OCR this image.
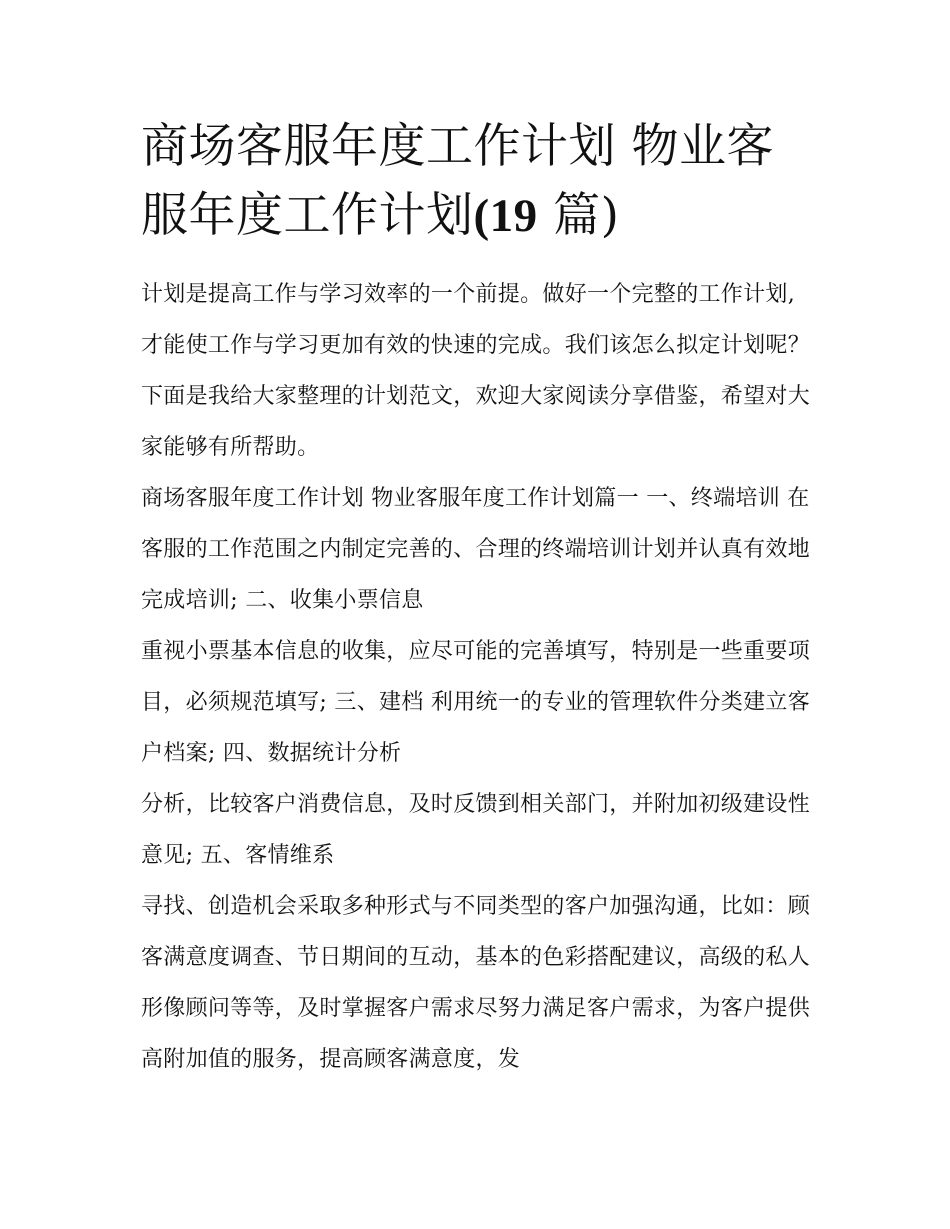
商场客服年度工作计划 物业客服年度工作计划(19 篇)

计划是提高工作与学习效率的一个前提。做好一个完整的工作计划,才能使工作与学习更加有效的快速的完成。我们该怎么拟定计划呢？下面是我给大家整理的计划范文，欢迎大家阅读分享借鉴，希望对大家能够有所帮助。

商场客服年度工作计划 物业客服年度工作计划篇一 一、终端培训 在客服的工作范围之内制定完善的、合理的终端培训计划并认真有效地完成培训; 二、收集小票信息

重视小票基本信息的收集，应尽可能的完善填写，特别是一些重要项目，必须规范填写; 三、建档 利用统一的专业的管理软件分类建立客户档案; 四、数据统计分析

分析，比较客户消费信息，及时反馈到相关部门，并附加初级建设性意见; 五、客情维系

寻找、创造机会采取多种形式与不同类型的客户加强沟通，比如：顾客满意度调查、节日期间的互动，基本的色彩搭配建议，高级的私人形像顾问等等，及时掌握客户需求尽努力满足客户需求，为客户提供高附加值的服务，提高顾客满意度，发
